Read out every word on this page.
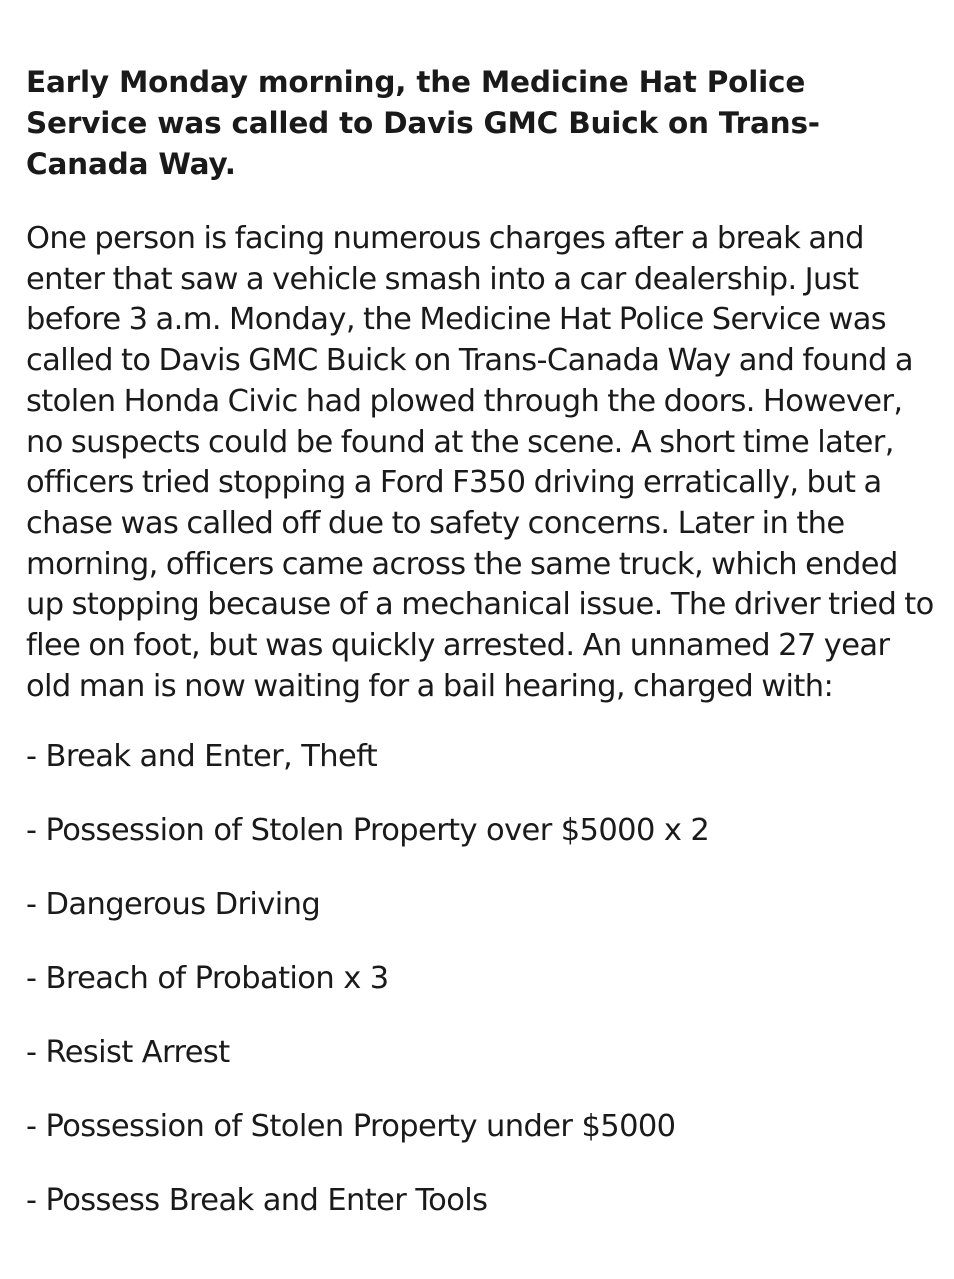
Early Monday morning, the Medicine Hat Police Service was called to Davis GMC Buick on Trans-Canada Way.

One person is facing numerous charges after a break and enter that saw a vehicle smash into a car dealership. Just before 3 a.m. Monday, the Medicine Hat Police Service was called to Davis GMC Buick on Trans-Canada Way and found a stolen Honda Civic had plowed through the doors. However, no suspects could be found at the scene. A short time later, officers tried stopping a Ford F350 driving erratically, but a chase was called off due to safety concerns. Later in the morning, officers came across the same truck, which ended up stopping because of a mechanical issue. The driver tried to flee on foot, but was quickly arrested. An unnamed 27 year old man is now waiting for a bail hearing, charged with:

- Break and Enter, Theft
- Possession of Stolen Property over $5000 x 2
- Dangerous Driving
- Breach of Probation x 3
- Resist Arrest
- Possession of Stolen Property under $5000
- Possess Break and Enter Tools
